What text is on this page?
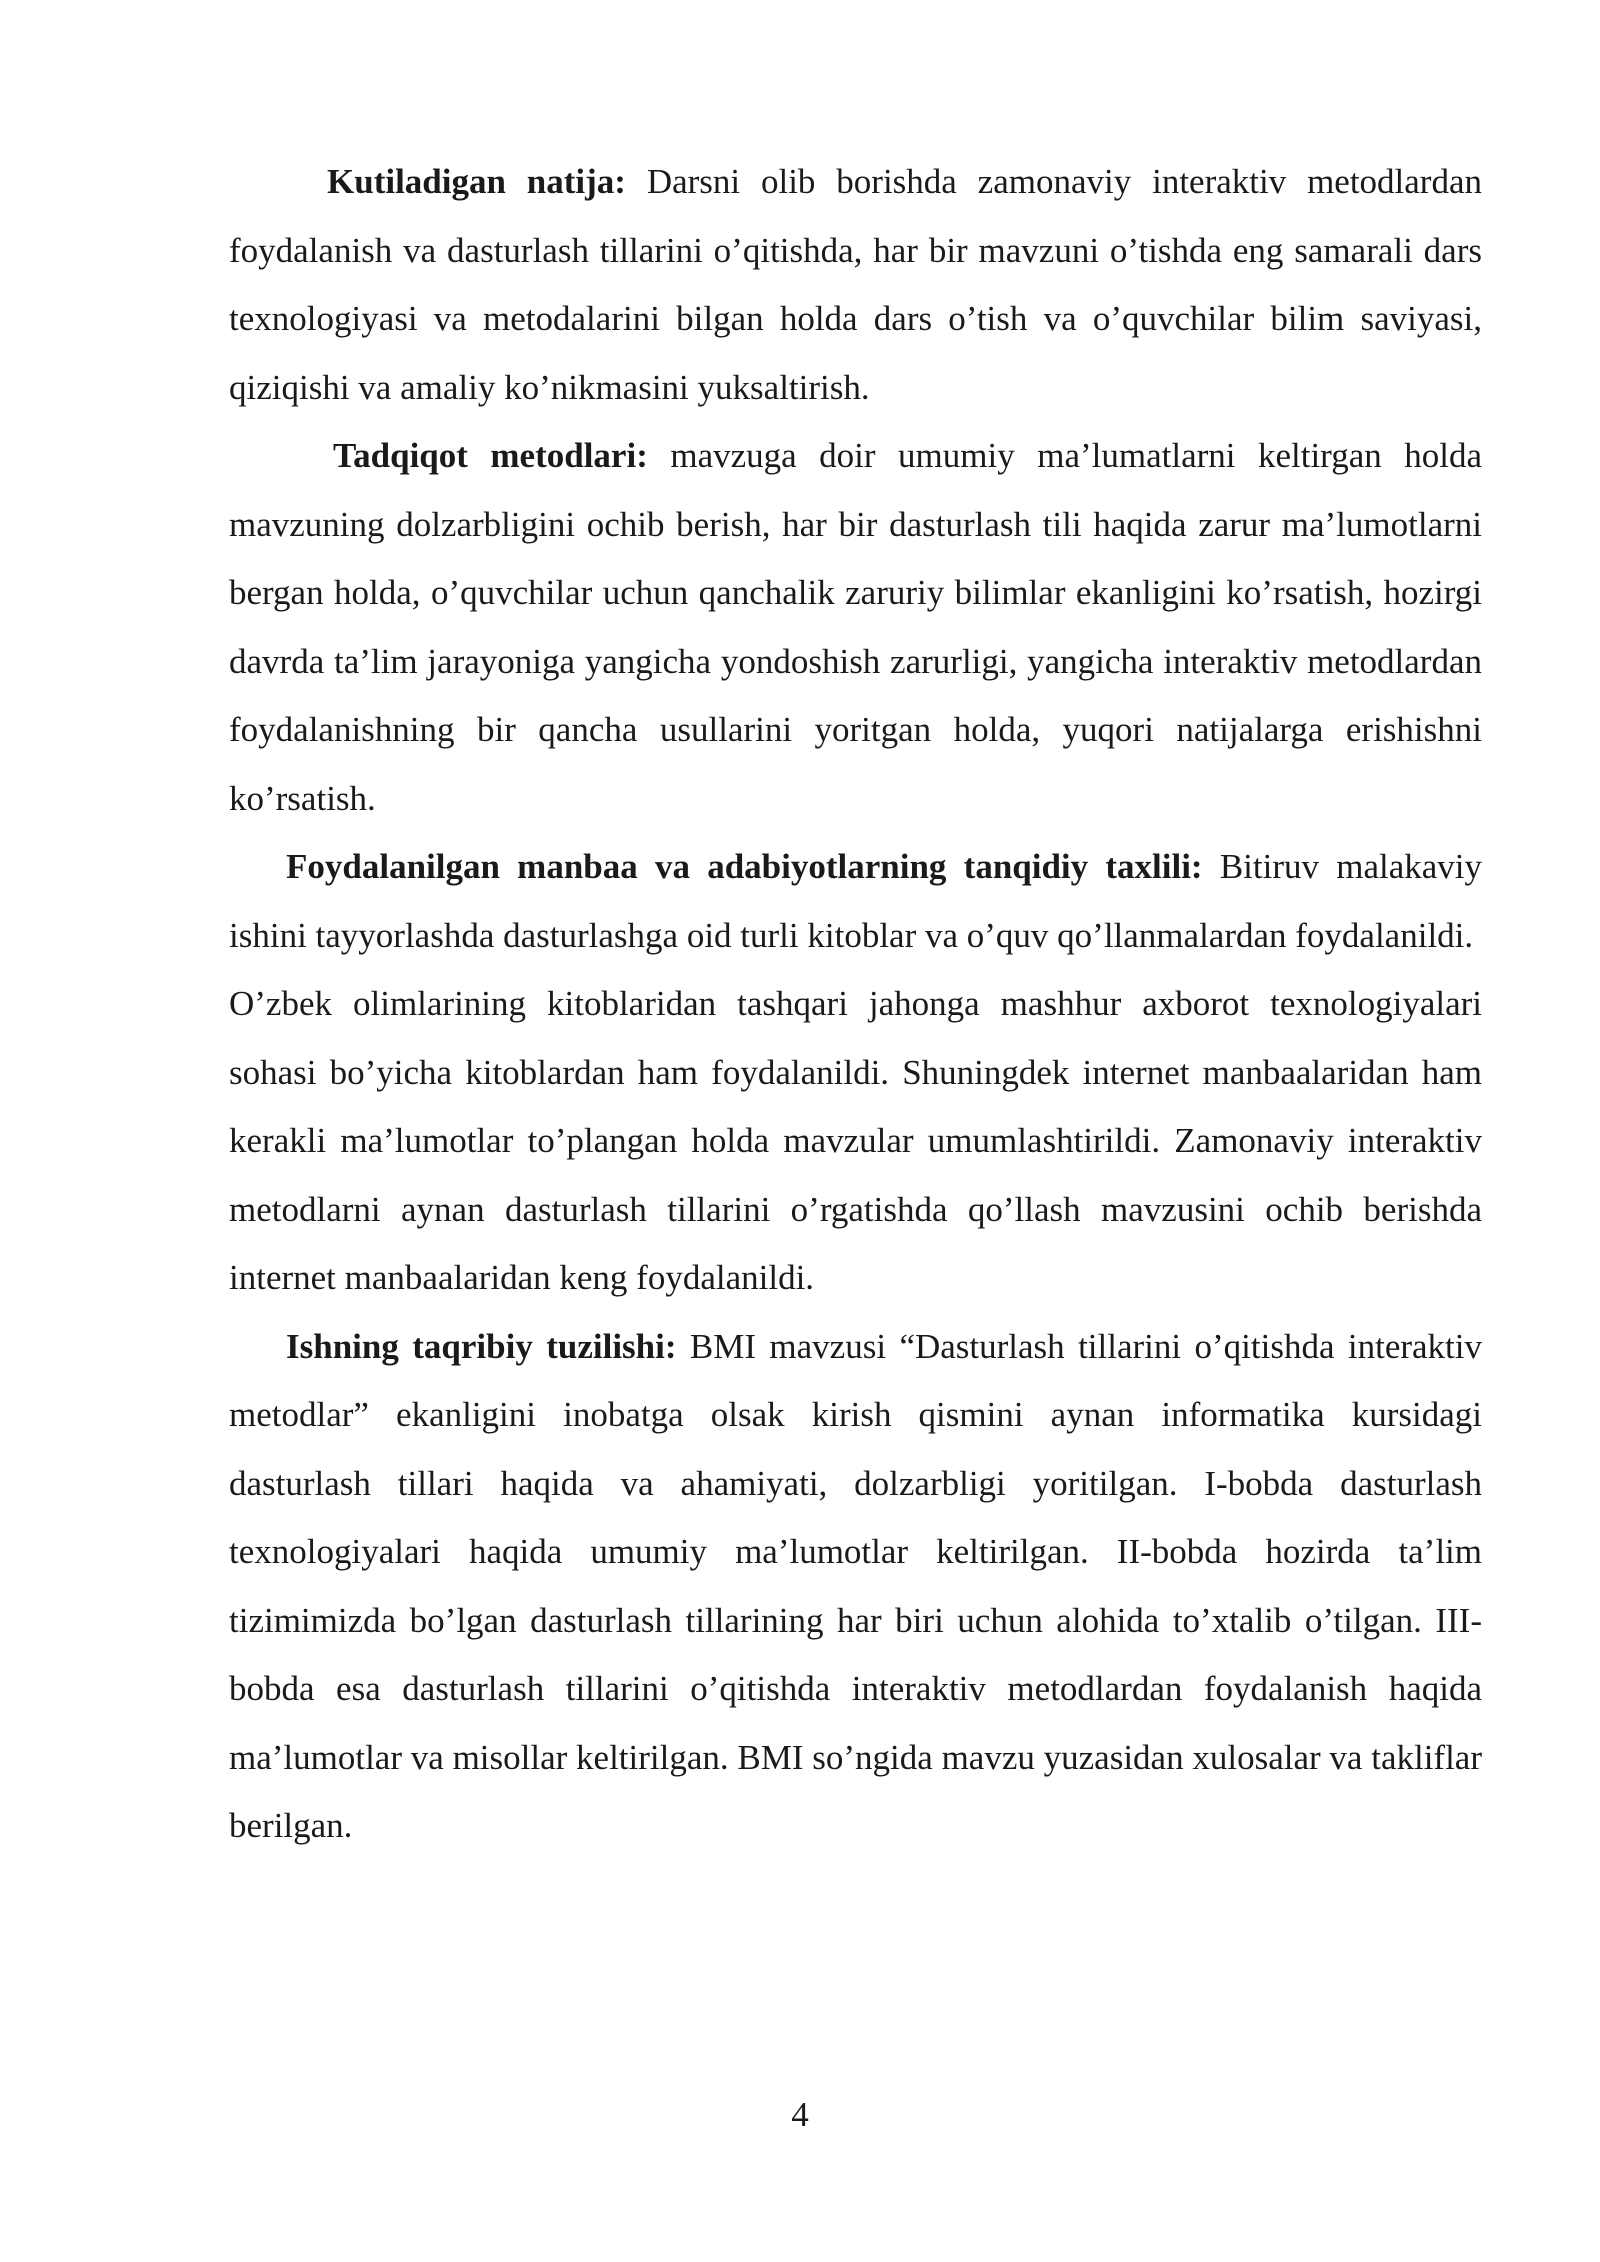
Kutiladigan natija: Darsni olib borishda zamonaviy interaktiv metodlardan foydalanish va dasturlash tillarini o’qitishda, har bir mavzuni o’tishda eng samarali dars texnologiyasi va metodalarini bilgan holda dars o’tish va o’quvchilar bilim saviyasi, qiziqishi va amaliy ko’nikmasini yuksaltirish.

Tadqiqot metodlari: mavzuga doir umumiy ma’lumatlarni keltirgan holda mavzuning dolzarbligini ochib berish, har bir dasturlash tili haqida zarur ma’lumotlarni bergan holda, o’quvchilar uchun qanchalik zaruriy bilimlar ekanligini ko’rsatish, hozirgi davrda ta’lim jarayoniga yangicha yondoshish zarurligi, yangicha interaktiv metodlardan foydalanishning bir qancha usullarini yoritgan holda, yuqori natijalarga erishishni ko’rsatish.

Foydalanilgan manbaa va adabiyotlarning tanqidiy taxlili: Bitiruv malakaviy ishini tayyorlashda dasturlashga oid turli kitoblar va o’quv qo’llanmalardan foydalanildi.

O’zbek olimlarining kitoblaridan tashqari jahonga mashhur axborot texnologiyalari sohasi bo’yicha kitoblardan ham foydalanildi. Shuningdek internet manbaalaridan ham kerakli ma’lumotlar to’plangan holda mavzular umumlashtirildi. Zamonaviy interaktiv metodlarni aynan dasturlash tillarini o’rgatishda qo’llash mavzusini ochib berishda internet manbaalaridan keng foydalanildi.

Ishning taqribiy tuzilishi: BMI mavzusi “Dasturlash tillarini o’qitishda interaktiv metodlar” ekanligini inobatga olsak kirish qismini aynan informatika kursidagi dasturlash tillari haqida va ahamiyati, dolzarbligi yoritilgan. I-bobda dasturlash texnologiyalari haqida umumiy ma’lumotlar keltirilgan. II-bobda hozirda ta’lim tizimimizda bo’lgan dasturlash tillarining har biri uchun alohida to’xtalib o’tilgan. III-bobda esa dasturlash tillarini o’qitishda interaktiv metodlardan foydalanish haqida ma’lumotlar va misollar keltirilgan. BMI so’ngida mavzu yuzasidan xulosalar va takliflar berilgan.

4
